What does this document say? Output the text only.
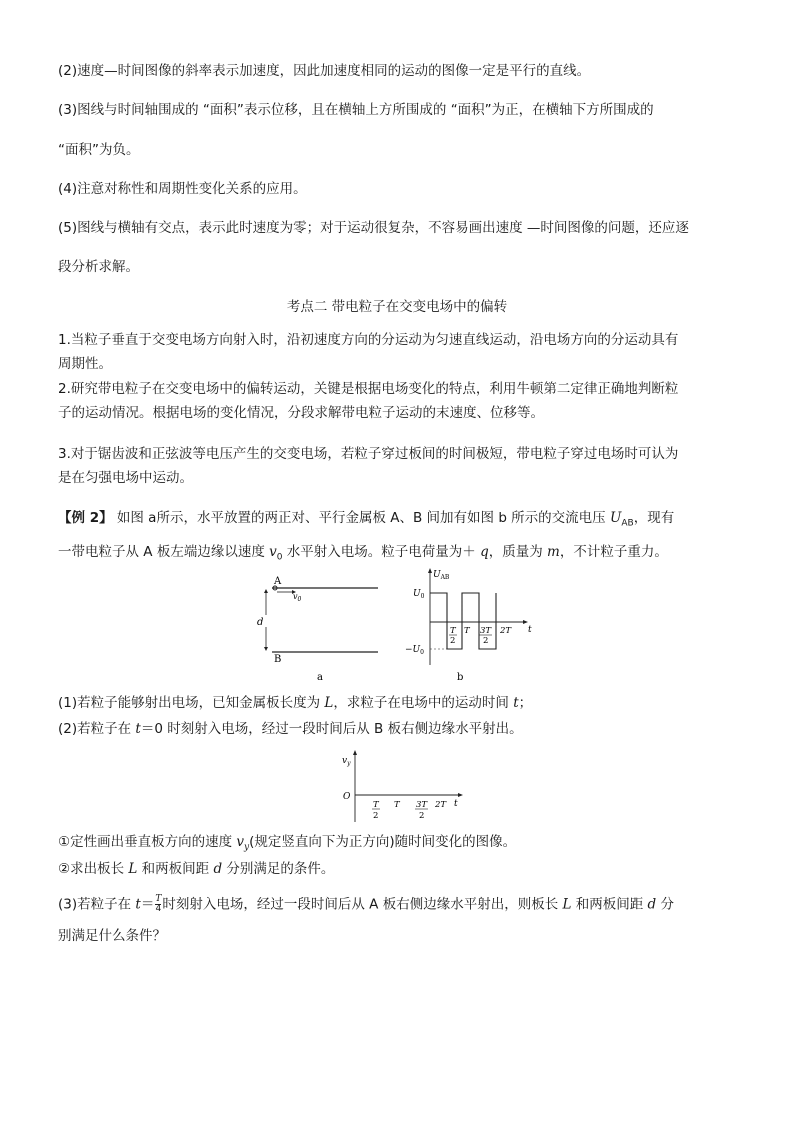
(2)速度—时间图像的斜率表示加速度，因此加速度相同的运动的图像一定是平行的直线。
(3)图线与时间轴围成的 “面积”表示位移，且在横轴上方所围成的 “面积”为正，在横轴下方所围成的
“面积”为负。
(4)注意对称性和周期性变化关系的应用。
(5)图线与横轴有交点，表示此时速度为零；对于运动很复杂，不容易画出速度 —时间图像的问题，还应逐
段分析求解。
考点二 带电粒子在交变电场中的偏转
1.当粒子垂直于交变电场方向射入时，沿初速度方向的分运动为匀速直线运动，沿电场方向的分运动具有
周期性。
2.研究带电粒子在交变电场中的偏转运动，关键是根据电场变化的特点，利用牛顿第二定律正确地判断粒
子的运动情况。根据电场的变化情况，分段求解带电粒子运动的末速度、位移等。
3.对于锯齿波和正弦波等电压产生的交变电场，若粒子穿过板间的时间极短，带电粒子穿过电场时可认为
是在匀强电场中运动。
【例 2】 如图 a所示，水平放置的两正对、平行金属板 A、B 间加有如图 b 所示的交流电压 $U_{AB}$，现有
一带电粒子从 A 板左端边缘以速度 $v_0$ 水平射入电场。粒子电荷量为＋ q，质量为 m，不计粒子重力。
A
$v_0$
B
d
a
$U_{AB}$
$U_0$
$-U_0$
T
2
T 3T
2
2T t
b
(1)若粒子能够射出电场，已知金属板长度为 L，求粒子在电场中的运动时间 t；
(2)若粒子在 t＝0 时刻射入电场，经过一段时间后从 B 板右侧边缘水平射出。
$v_y$
O
T
2
T 3T
2
2T t
①定性画出垂直板方向的速度 $v_y$(规定竖直向下为正方向)随时间变化的图像。
②求出板长 L 和两板间距 d 分别满足的条件。
(3)若粒子在 $t= \frac{T}{4}$ 时刻射入电场，经过一段时间后从 A 板右侧边缘水平射出，则板长 L 和两板间距 d 分
别满足什么条件？
